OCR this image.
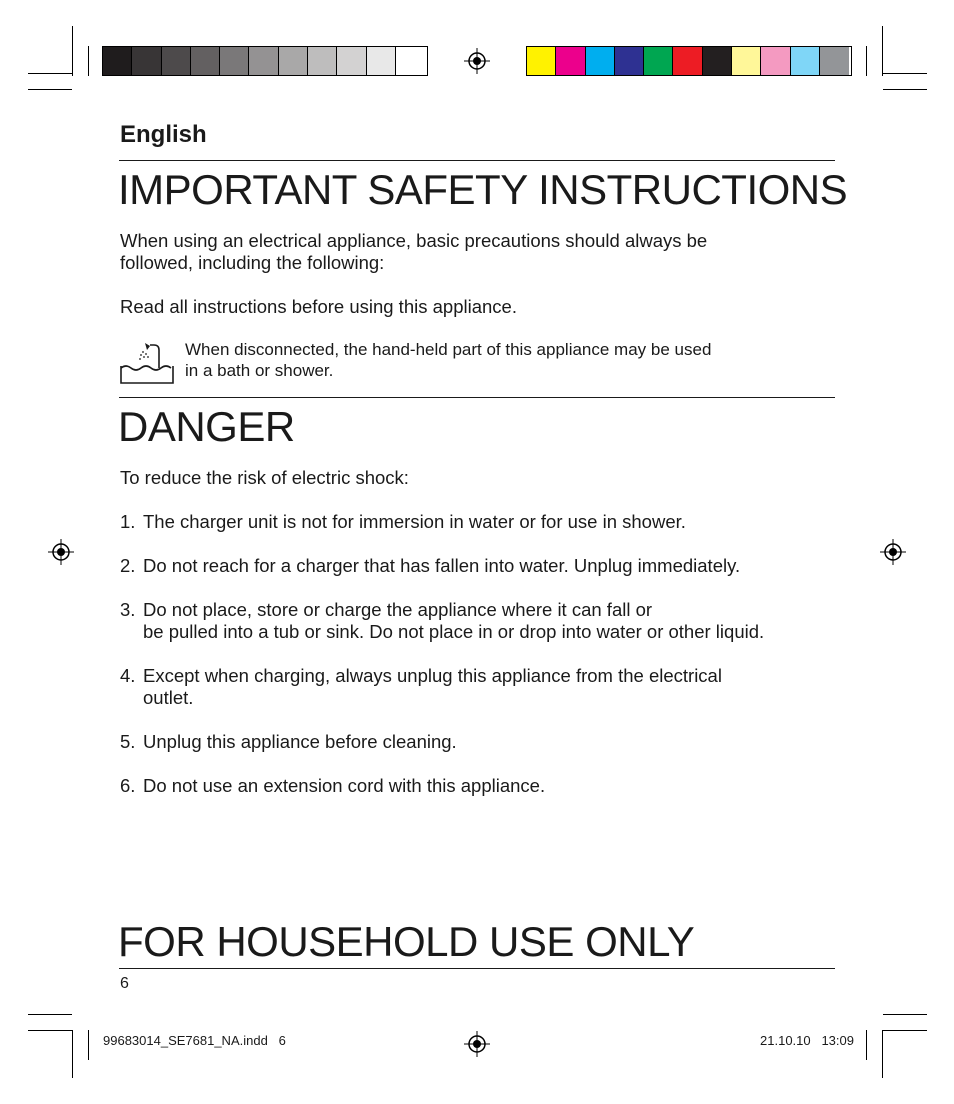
English
IMPORTANT SAFETY INSTRUCTIONS
When using an electrical appliance, basic precautions should always be
followed, including the following:
Read all instructions before using this appliance.
When disconnected, the hand-held part of this appliance may be used
in a bath or shower.
DANGER
To reduce the risk of electric shock:
1. The charger unit is not for immersion in water or for use in shower.
2. Do not reach for a charger that has fallen into water. Unplug immediately.
3. Do not place, store or charge the appliance where it can fall or
be pulled into a tub or sink. Do not place in or drop into water or other liquid.
4. Except when charging, always unplug this appliance from the electrical
outlet.
5. Unplug this appliance before cleaning.
6. Do not use an extension cord with this appliance.
FOR HOUSEHOLD USE ONLY
6
99683014_SE7681_NA.indd   6	21.10.10   13:09
